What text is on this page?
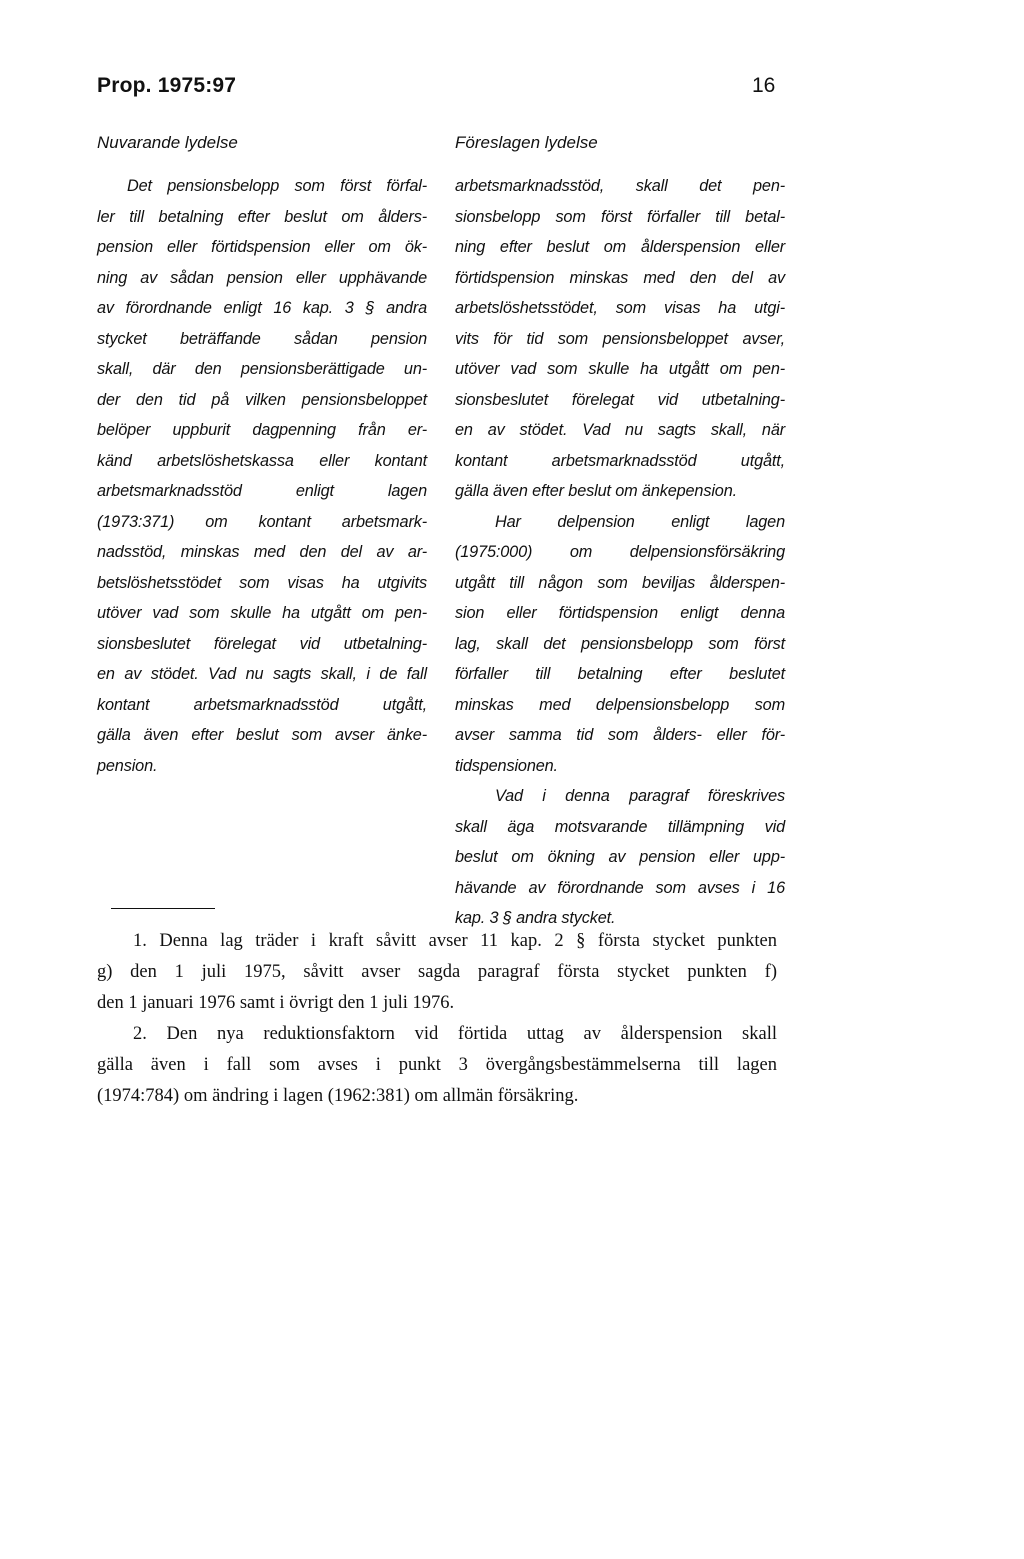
Prop. 1975:97	16
Nuvarande lydelse	Föreslagen lydelse
Det pensionsbelopp som först förfal-
ler till betalning efter beslut om ålders-
pension eller förtidspension eller om ök-
ning av sådan pension eller upphävande
av förordnande enligt 16 kap. 3 § andra
stycket beträffande sådan pension
skall, där den pensionsberättigade un-
der den tid på vilken pensionsbeloppet
belöper uppburit dagpenning från er-
känd arbetslöshetskassa eller kontant
arbetsmarknadsstöd enligt lagen
(1973:371) om kontant arbetsmark-
nadsstöd, minskas med den del av ar-
betslöshetsstödet som visas ha utgivits
utöver vad som skulle ha utgått om pen-
sionsbeslutet förelegat vid utbetalning-
en av stödet. Vad nu sagts skall, i de fall
kontant arbetsmarknadsstöd utgått,
gälla även efter beslut som avser änke-
pension.
arbetsmarknadsstöd, skall det pen-
sionsbelopp som först förfaller till betal-
ning efter beslut om ålderspension eller
förtidspension minskas med den del av
arbetslöshetsstödet, som visas ha utgi-
vits för tid som pensionsbeloppet avser,
utöver vad som skulle ha utgått om pen-
sionsbeslutet förelegat vid utbetalning-
en av stödet. Vad nu sagts skall, när
kontant arbetsmarknadsstöd utgått,
gälla även efter beslut om änkepension.
Har delpension enligt lagen
(1975:000) om delpensionsförsäkring
utgått till någon som beviljas ålderspen-
sion eller förtidspension enligt denna
lag, skall det pensionsbelopp som först
förfaller till betalning efter beslutet
minskas med delpensionsbelopp som
avser samma tid som ålders- eller för-
tidspensionen.
Vad i denna paragraf föreskrives
skall äga motsvarande tillämpning vid
beslut om ökning av pension eller upp-
hävande av förordnande som avses i 16
kap. 3 § andra stycket.
1. Denna lag träder i kraft såvitt avser 11 kap. 2 § första stycket punkten
g) den 1 juli 1975, såvitt avser sagda paragraf första stycket punkten f)
den 1 januari 1976 samt i övrigt den 1 juli 1976.
2. Den nya reduktionsfaktorn vid förtida uttag av ålderspension skall
gälla även i fall som avses i punkt 3 övergångsbestämmelserna till lagen
(1974:784) om ändring i lagen (1962:381) om allmän försäkring.
